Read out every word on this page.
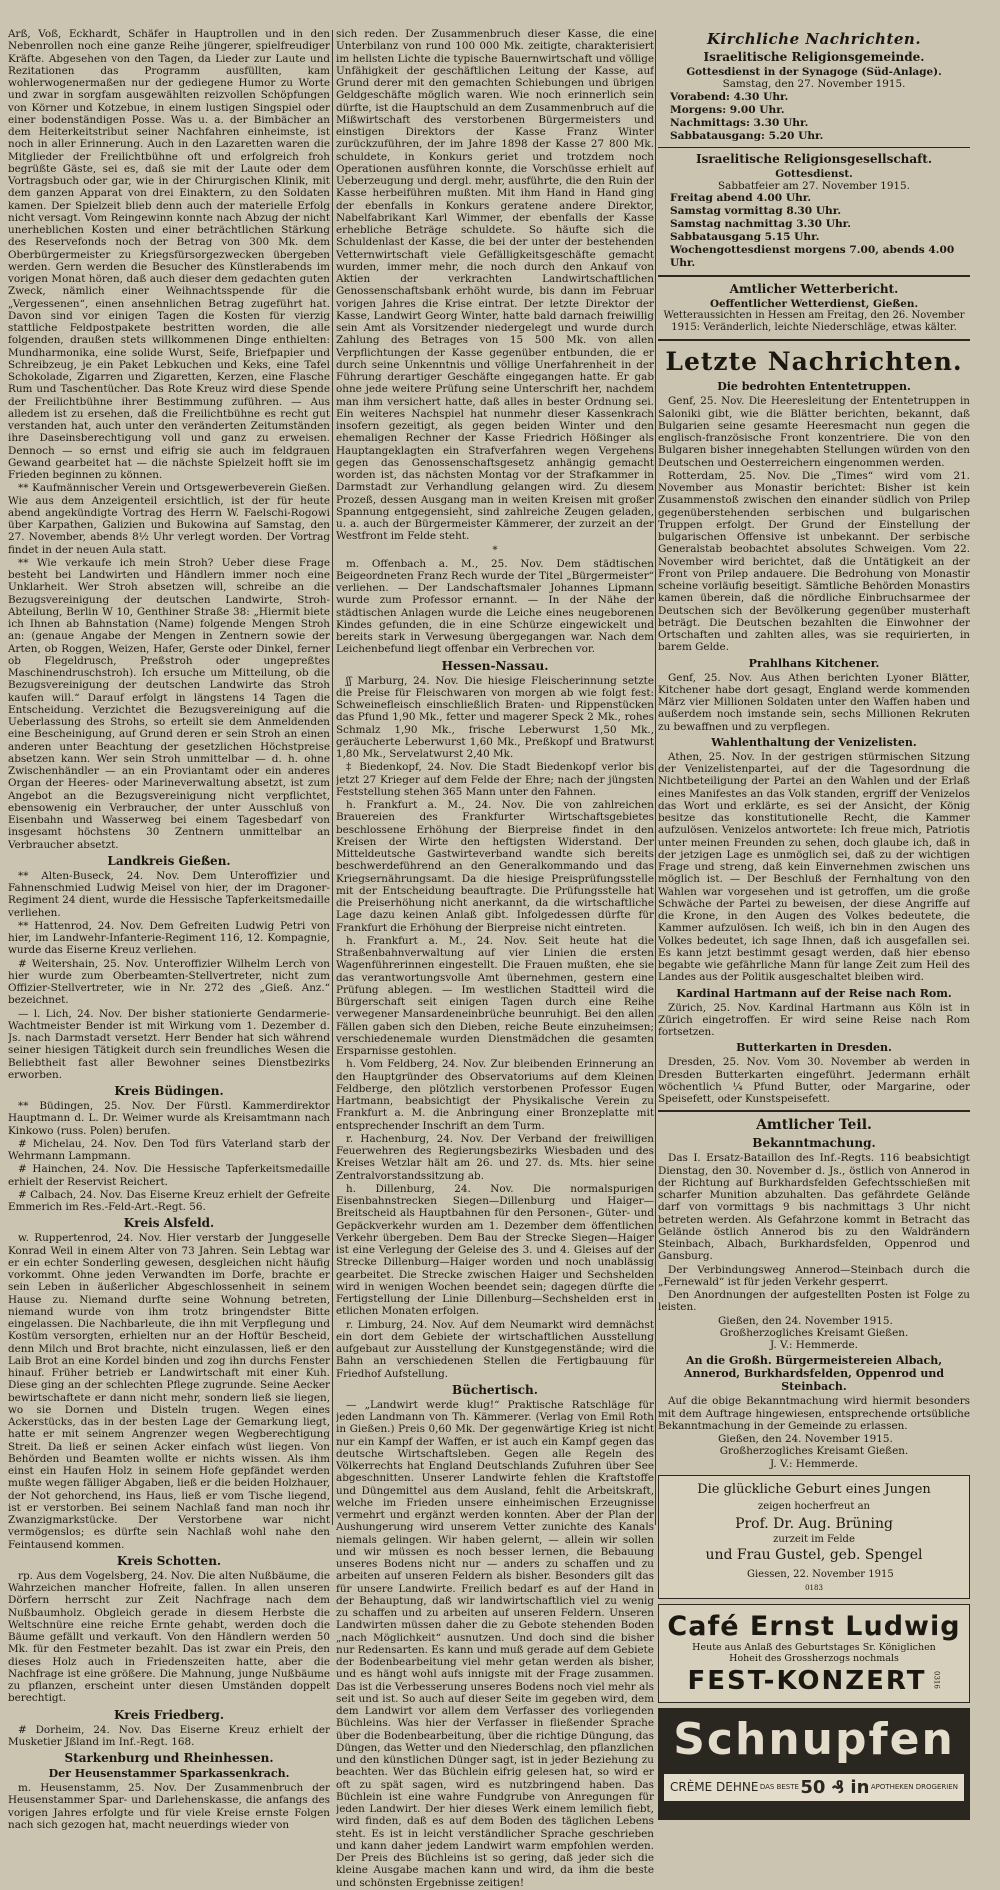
Arß, Voß, Eckhardt, Schäfer in Hauptrollen und in den Nebenrollen noch eine ganze Reihe jüngerer, spielfreudiger Kräfte. Abgesehen von den Tagen, da Lieder zur Laute und Rezitationen das Programm ausfüllten, kam wohlerwogenermaßen nur der gediegene Humor zu Worte und zwar in sorgfam ausgewählten reizvollen Schöpfungen von Körner und Kotzebue, in einem lustigen Singspiel oder einer bodenständigen Posse. Was u. a. der Bimbächer an dem Heiterkeitstribut seiner Nachfahren einheimste, ist noch in aller Erinnerung. Auch in den Lazaretten waren die Mitglieder der Freilichtbühne oft und erfolgreich froh begrüßte Gäste, sei es, daß sie mit der Laute oder dem Vortragsbuch oder gar, wie in der Chirurgischen Klinik, mit dem ganzen Apparat von drei Einaktern, zu den Soldaten kamen. Der Spielzeit blieb denn auch der materielle Erfolg nicht versagt. Vom Reingewinn konnte nach Abzug der nicht unerheblichen Kosten und einer beträchtlichen Stärkung des Reservefonds noch der Betrag von 300 Mk. dem Oberbürgermeister zu Kriegsfürsorgezwecken übergeben werden. Gern werden die Besucher des Künstlerabends im vorigen Monat hören, daß auch dieser dem gedachten guten Zweck, nämlich einer Weihnachtsspende für die „Vergessenen“, einen ansehnlichen Betrag zugeführt hat. Davon sind vor einigen Tagen die Kosten für vierzig stattliche Feldpostpakete bestritten worden, die alle folgenden, draußen stets willkommenen Dinge enthielten: Mundharmonika, eine solide Wurst, Seife, Briefpapier und Schreibzeug, je ein Paket Lebkuchen und Keks, eine Tafel Schokolade, Zigarren und Zigaretten, Kerzen, eine Flasche Rum und Taschentücher. Das Rote Kreuz wird diese Spende der Freilichtbühne ihrer Bestimmung zuführen. — Aus alledem ist zu ersehen, daß die Freilichtbühne es recht gut verstanden hat, auch unter den veränderten Zeitumständen ihre Daseinsberechtigung voll und ganz zu erweisen. Dennoch — so ernst und eifrig sie auch im feldgrauen Gewand gearbeitet hat — die nächste Spielzeit hofft sie im Frieden beginnen zu können.

** Kaufmännischer Verein und Ortsgewerbeverein Gießen. Wie aus dem Anzeigenteil ersichtlich, ist der für heute abend angekündigte Vortrag des Herrn W. Faelschi-Rogowi über Karpathen, Galizien und Bukowina auf Samstag, den 27. November, abends 8½ Uhr verlegt worden. Der Vortrag findet in der neuen Aula statt.

** Wie verkaufe ich mein Stroh? Ueber diese Frage besteht bei Landwirten und Händlern immer noch eine Unklarheit. Wer Stroh absetzen will, schreibe an die Bezugsvereinigung der deutschen Landwirte, Stroh-Abteilung, Berlin W 10, Genthiner Straße 38: „Hiermit biete ich Ihnen ab Bahnstation (Name) folgende Mengen Stroh an: (genaue Angabe der Mengen in Zentnern sowie der Arten, ob Roggen, Weizen, Hafer, Gerste oder Dinkel, ferner ob Flegeldrusch, Preßstroh oder ungepreßtes Maschinendruschstroh). Ich ersuche um Mitteilung, ob die Bezugsvereinigung der deutschen Landwirte das Stroh kaufen will.“ Darauf erfolgt in längstens 14 Tagen die Entscheidung. Verzichtet die Bezugsvereinigung auf die Ueberlassung des Strohs, so erteilt sie dem Anmeldenden eine Bescheinigung, auf Grund deren er sein Stroh an einen anderen unter Beachtung der gesetzlichen Höchstpreise absetzen kann. Wer sein Stroh unmittelbar — d. h. ohne Zwischenhändler — an ein Proviantamt oder ein anderes Organ der Heeres- oder Marineverwaltung absetzt, ist zum Angebot an die Bezugsvereinigung nicht verpflichtet, ebensowenig ein Verbraucher, der unter Ausschluß von Eisenbahn und Wasserweg bei einem Tagesbedarf von insgesamt höchstens 30 Zentnern unmittelbar an Verbraucher absetzt.

Landkreis Gießen.

** Alten-Buseck, 24. Nov. Dem Unteroffizier und Fahnenschmied Ludwig Meisel von hier, der im Dragoner-Regiment 24 dient, wurde die Hessische Tapferkeitsmedaille verliehen.

** Hattenrod, 24. Nov. Dem Gefreiten Ludwig Petri von hier, im Landwehr-Infanterie-Regiment 116, 12. Kompagnie, wurde das Eiserne Kreuz verliehen.

# Weitershain, 25. Nov. Unteroffizier Wilhelm Lerch von hier wurde zum Oberbeamten-Stellvertreter, nicht zum Offizier-Stellvertreter, wie in Nr. 272 des „Gieß. Anz.“ bezeichnet.

— l. Lich, 24. Nov. Der bisher stationierte Gendarmerie-Wachtmeister Bender ist mit Wirkung vom 1. Dezember d. Js. nach Darmstadt versetzt. Herr Bender hat sich während seiner hiesigen Tätigkeit durch sein freundliches Wesen die Beliebtheit fast aller Bewohner seines Dienstbezirks erworben.

Kreis Büdingen.

** Büdingen, 25. Nov. Der Fürstl. Kammerdirektor Hauptmann d. L. Dr. Weimer wurde als Kreisamtmann nach Kinkowo (russ. Polen) berufen.

# Michelau, 24. Nov. Den Tod fürs Vaterland starb der Wehrmann Lampmann.

# Hainchen, 24. Nov. Die Hessische Tapferkeitsmedaille erhielt der Reservist Reichert.

# Calbach, 24. Nov. Das Eiserne Kreuz erhielt der Gefreite Emmerich im Res.-Feld-Art.-Regt. 56.

Kreis Alsfeld.

w. Ruppertenrod, 24. Nov. Hier verstarb der Junggeselle Konrad Weil in einem Alter von 73 Jahren. Sein Lebtag war er ein echter Sonderling gewesen, desgleichen nicht häufig vorkommt. Ohne jeden Verwandten im Dorfe, brachte er sein Leben in äußerlicher Abgeschlossenheit in seinem Hause zu. Niemand durfte seine Wohnung betreten, niemand wurde von ihm trotz bringendster Bitte eingelassen. Die Nachbarleute, die ihn mit Verpflegung und Kostüm versorgten, erhielten nur an der Hoftür Bescheid, denn Milch und Brot brachte, nicht einzulassen, ließ er den Laib Brot an eine Kordel binden und zog ihn durchs Fenster hinauf. Früher betrieb er Landwirtschaft mit einer Kuh. Diese ging an der schlechten Pflege zugrunde. Seine Aecker bewirtschaftete er dann nicht mehr, sondern ließ sie liegen, wo sie Dornen und Disteln trugen. Wegen eines Ackerstücks, das in der besten Lage der Gemarkung liegt, hatte er mit seinem Angrenzer wegen Wegberechtigung Streit. Da ließ er seinen Acker einfach wüst liegen. Von Behörden und Beamten wollte er nichts wissen. Als ihm einst ein Haufen Holz in seinem Hofe gepfändet werden mußte wegen fälliger Abgaben, ließ er die beiden Holzhauer, der Not gehorchend, ins Haus, ließ er vom Tische liegend, ist er verstorben. Bei seinem Nachlaß fand man noch ihr Zwanzigmarkstücke. Der Verstorbene war nicht vermögenslos; es dürfte sein Nachlaß wohl nahe den Feintausend kommen.

Kreis Schotten.

rp. Aus dem Vogelsberg, 24. Nov. Die alten Nußbäume, die Wahrzeichen mancher Hofreite, fallen. In allen unseren Dörfern herrscht zur Zeit Nachfrage nach dem Nußbaumholz. Obgleich gerade in diesem Herbste die Weltschnüre eine reiche Ernte gehabt, werden doch die Bäume gefällt und verkauft. Von den Händlern werden 50 Mk. für den Festmeter bezahlt. Das ist zwar ein Preis, den dieses Holz auch in Friedenszeiten hatte, aber die Nachfrage ist eine größere. Die Mahnung, junge Nußbäume zu pflanzen, erscheint unter diesen Umständen doppelt berechtigt.

Kreis Friedberg.

# Dorheim, 24. Nov. Das Eiserne Kreuz erhielt der Musketier Jßland im Inf.-Regt. 168.

Starkenburg und Rheinhessen.
Der Heusenstammer Sparkassenkrach.

m. Heusenstamm, 25. Nov. Der Zusammenbruch der Heusenstammer Spar- und Darlehenskasse, die anfangs des vorigen Jahres erfolgte und für viele Kreise ernste Folgen nach sich gezogen hat, macht neuerdings wieder von

sich reden. Der Zusammenbruch dieser Kasse, die eine Unterbilanz von rund 100 000 Mk. zeitigte, charakterisiert im hellsten Lichte die typische Bauernwirtschaft und völlige Unfähigkeit der geschäftlichen Leitung der Kasse, auf Grund derer mit den gemachten Schiebungen und übrigen Geldgeschäfte möglich waren. Wie noch erinnerlich sein dürfte, ist die Hauptschuld an dem Zusammenbruch auf die Mißwirtschaft des verstorbenen Bürgermeisters und einstigen Direktors der Kasse Franz Winter zurückzuführen, der im Jahre 1898 der Kasse 27 800 Mk. schuldete, in Konkurs geriet und trotzdem noch Operationen ausführen konnte, die Vorschüsse erhielt auf Ueberzeugung und dergl. mehr, ausführte, die den Ruin der Kasse herbeiführen mußten. Mit ihm Hand in Hand ging der ebenfalls in Konkurs geratene andere Direktor, Nabelfabrikant Karl Wimmer, der ebenfalls der Kasse erhebliche Beträge schuldete. So häufte sich die Schuldenlast der Kasse, die bei der unter der bestehenden Vetternwirtschaft viele Gefälligkeitsgeschäfte gemacht wurden, immer mehr, die noch durch den Ankauf von Aktien der verkrachten Landwirtschaftlichen Genossenschaftsbank erhöht wurde, bis dann im Februar vorigen Jahres die Krise eintrat. Der letzte Direktor der Kasse, Landwirt Georg Winter, hatte bald darnach freiwillig sein Amt als Vorsitzender niedergelegt und wurde durch Zahlung des Betrages von 15 500 Mk. von allen Verpflichtungen der Kasse gegenüber entbunden, die er durch seine Unkenntnis und völlige Unerfahrenheit in der Führung derartiger Geschäfte eingegangen hatte. Er gab ohne jede weitere Prüfung seine Unterschrift her, nachdem man ihm versichert hatte, daß alles in bester Ordnung sei. Ein weiteres Nachspiel hat nunmehr dieser Kassenkrach insofern gezeitigt, als gegen beiden Winter und den ehemaligen Rechner der Kasse Friedrich Hößinger als Hauptangeklagten ein Strafverfahren wegen Vergehens gegen das Genossenschaftsgesetz anhängig gemacht worden ist, das nächsten Montag vor der Strafkammer in Darmstadt zur Verhandlung gelangen wird. Zu diesem Prozeß, dessen Ausgang man in weiten Kreisen mit großer Spannung entgegensieht, sind zahlreiche Zeugen geladen, u. a. auch der Bürgermeister Kämmerer, der zurzeit an der Westfront im Felde steht.

*

m. Offenbach a. M., 25. Nov. Dem städtischen Beigeordneten Franz Rech wurde der Titel „Bürgermeister“ verliehen. — Der Landschaftsmaler Johannes Lipmann wurde zum Professor ernannt. — In der Nähe der städtischen Anlagen wurde die Leiche eines neugeborenen Kindes gefunden, die in eine Schürze eingewickelt und bereits stark in Verwesung übergegangen war. Nach dem Leichenbefund liegt offenbar ein Verbrechen vor.

Hessen-Nassau.

ʃʃ Marburg, 24. Nov. Die hiesige Fleischerinnung setzte die Preise für Fleischwaren von morgen ab wie folgt fest: Schweinefleisch einschließlich Braten- und Rippenstücken das Pfund 1,90 Mk., fetter und magerer Speck 2 Mk., rohes Schmalz 1,90 Mk., frische Leberwurst 1,50 Mk., geräucherte Leberwurst 1,60 Mk., Preßkopf und Bratwurst 1,80 Mk., Servelatwurst 2,40 Mk.

‡ Biedenkopf, 24. Nov. Die Stadt Biedenkopf verlor bis jetzt 27 Krieger auf dem Felde der Ehre; nach der jüngsten Feststellung stehen 365 Mann unter den Fahnen.

h. Frankfurt a. M., 24. Nov. Die von zahlreichen Brauereien des Frankfurter Wirtschaftsgebietes beschlossene Erhöhung der Bierpreise findet in den Kreisen der Wirte den heftigsten Widerstand. Der Mitteldeutsche Gastwirteverband wandte sich bereits beschwerdeführend an den Generalkommando und das Kriegsernährungsamt. Da die hiesige Preisprüfungsstelle mit der Entscheidung beauftragte. Die Prüfungsstelle hat die Preiserhöhung nicht anerkannt, da die wirtschaftliche Lage dazu keinen Anlaß gibt. Infolgedessen dürfte für Frankfurt die Erhöhung der Bierpreise nicht eintreten.

h. Frankfurt a. M., 24. Nov. Seit heute hat die Straßenbahnverwaltung auf vier Linien die ersten Wagenführerinnen eingestellt. Die Frauen mußten, ehe sie das verantwortungsvolle Amt übernehmen, gestern eine Prüfung ablegen. — Im westlichen Stadtteil wird die Bürgerschaft seit einigen Tagen durch eine Reihe verwegener Mansardeneinbrüche beunruhigt. Bei den allen Fällen gaben sich den Dieben, reiche Beute einzuheimsen; verschiedenemale wurden Dienstmädchen die gesamten Ersparnisse gestohlen.

h. Vom Feldberg, 24. Nov. Zur bleibenden Erinnerung an den Hauptgründer des Observatoriums auf dem Kleinen Feldberge, den plötzlich verstorbenen Professor Eugen Hartmann, beabsichtigt der Physikalische Verein zu Frankfurt a. M. die Anbringung einer Bronzeplatte mit entsprechender Inschrift an dem Turm.

r. Hachenburg, 24. Nov. Der Verband der freiwilligen Feuerwehren des Regierungsbezirks Wiesbaden und des Kreises Wetzlar hält am 26. und 27. ds. Mts. hier seine Zentralvorstandssitzung ab.

h. Dillenburg, 24. Nov. Die normalspurigen Eisenbahnstrecken Siegen—Dillenburg und Haiger—Breitscheid als Hauptbahnen für den Personen-, Güter- und Gepäckverkehr wurden am 1. Dezember dem öffentlichen Verkehr übergeben. Dem Bau der Strecke Siegen—Haiger ist eine Verlegung der Geleise des 3. und 4. Gleises auf der Strecke Dillenburg—Haiger worden und noch unablässig gearbeitet. Die Strecke zwischen Haiger und Sechshelden wird in wenigen Wochen beendet sein; dagegen dürfte die Fertigstellung der Linie Dillenburg—Sechshelden erst in etlichen Monaten erfolgen.

r. Limburg, 24. Nov. Auf dem Neumarkt wird demnächst ein dort dem Gebiete der wirtschaftlichen Ausstellung aufgebaut zur Ausstellung der Kunstgegenstände; wird die Bahn an verschiedenen Stellen die Fertigbauung für Friedhof Aufstellung.

Büchertisch.

— „Landwirt werde klug!“ Praktische Ratschläge für jeden Landmann von Th. Kämmerer. (Verlag von Emil Roth in Gießen.) Preis 0,60 Mk. Der gegenwärtige Krieg ist nicht nur ein Kampf der Waffen, er ist auch ein Kampf gegen das deutsche Wirtschaftsleben. Gegen alle Regeln des Völkerrechts hat England Deutschlands Zufuhren über See abgeschnitten. Unserer Landwirte fehlen die Kraftstoffe und Düngemittel aus dem Ausland, fehlt die Arbeitskraft, welche im Frieden unsere einheimischen Erzeugnisse vermehrt und ergänzt werden konnten. Aber der Plan der Aushungerung wird unserem Vetter zunichte des Kanals niemals gelingen. Wir haben gelernt, — allein wir sollen und wir müssen es noch besser lernen, die Bebauung unseres Bodens nicht nur — anders zu schaffen und zu arbeiten auf unseren Feldern als bisher. Besonders gilt das für unsere Landwirte. Freilich bedarf es auf der Hand in der Behauptung, daß wir landwirtschaftlich viel zu wenig zu schaffen und zu arbeiten auf unseren Feldern. Unseren Landwirten müssen daher die zu Gebote stehenden Boden „nach Möglichkeit“ ausnutzen. Und doch sind die bisher nur Redensarten. Es kann und muß gerade auf dem Gebiete der Bodenbearbeitung viel mehr getan werden als bisher, und es hängt wohl aufs innigste mit der Frage zusammen. Das ist die Verbesserung unseres Bodens noch viel mehr als seit und ist. So auch auf dieser Seite im gegeben wird, dem dem Landwirt vor allem dem Verfasser des vorliegenden Büchleins. Was hier der Verfasser in fließender Sprache über die Bodenbearbeitung, über die richtige Düngung, das Düngen, das Wetter und den Niederschlag, den pflanzlichen und den künstlichen Dünger sagt, ist in jeder Beziehung zu beachten. Wer das Büchlein eifrig gelesen hat, so wird er oft zu spät sagen, wird es nutzbringend haben. Das Büchlein ist eine wahre Fundgrube von Anregungen für jeden Landwirt. Der hier dieses Werk einem lemilich fiebt, wird finden, daß es auf dem Boden des täglichen Lebens steht. Es ist in leicht verständlicher Sprache geschrieben und kann daher jedem Landwirt warm empfohlen werden. Der Preis des Büchleins ist so gering, daß jeder sich die kleine Ausgabe machen kann und wird, da ihm die beste und schönsten Ergebnisse zeitigen!

Kirchliche Nachrichten.
Israelitische Religionsgemeinde.
Gottesdienst in der Synagoge (Süd-Anlage).
Samstag, den 27. November 1915.
Vorabend: 4.30 Uhr.
Morgens: 9.00 Uhr.
Nachmittags: 3.30 Uhr.
Sabbatausgang: 5.20 Uhr.
Israelitische Religionsgesellschaft.
Gottesdienst.
Sabbatfeier am 27. November 1915.
Freitag abend 4.00 Uhr.
Samstag vormittag 8.30 Uhr.
Samstag nachmittag 3.30 Uhr.
Sabbatausgang 5.15 Uhr.
Wochengottesdienst morgens 7.00, abends 4.00 Uhr.
Amtlicher Wetterbericht.
Oeffentlicher Wetterdienst, Gießen.
Wetteraussichten in Hessen am Freitag, den 26. November 1915: Veränderlich, leichte Niederschläge, etwas kälter.
Letzte Nachrichten.
Die bedrohten Ententetruppen.

Genf, 25. Nov. Die Heeresleitung der Ententetruppen in Saloniki gibt, wie die Blätter berichten, bekannt, daß Bulgarien seine gesamte Heeresmacht nun gegen die englisch-französische Front konzentriere. Die von den Bulgaren bisher innegehabten Stellungen würden von den Deutschen und Oesterreichern eingenommen werden.

Rotterdam, 25. Nov. Die „Times“ wird vom 21. November aus Monastir berichtet: Bisher ist kein Zusammenstoß zwischen den einander südlich von Prilep gegenüberstehenden serbischen und bulgarischen Truppen erfolgt. Der Grund der Einstellung der bulgarischen Offensive ist unbekannt. Der serbische Generalstab beobachtet absolutes Schweigen. Vom 22. November wird berichtet, daß die Untätigkeit an der Front von Prilep andauere. Die Bedrohung von Monastir scheine vorläufig beseitigt. Sämtliche Behörden Monastirs kamen überein, daß die nördliche Einbruchsarmee der Deutschen sich der Bevölkerung gegenüber musterhaft beträgt. Die Deutschen bezahlten die Einwohner der Ortschaften und zahlten alles, was sie requirierten, in barem Gelde.

Prahlhans Kitchener.

Genf, 25. Nov. Aus Athen berichten Lyoner Blätter, Kitchener habe dort gesagt, England werde kommenden März vier Millionen Soldaten unter den Waffen haben und außerdem noch imstande sein, sechs Millionen Rekruten zu bewaffnen und zu verpflegen.

Wahlenthaltung der Venizelisten.

Athen, 25. Nov. In der gestrigen stürmischen Sitzung der Venizelistenpartei, auf der die Tagesordnung die Nichtbeteiligung der Partei an den Wahlen und der Erlaß eines Manifestes an das Volk standen, ergriff der Venizelos das Wort und erklärte, es sei der Ansicht, der König besitze das konstitutionelle Recht, die Kammer aufzulösen. Venizelos antwortete: Ich freue mich, Patriotis unter meinen Freunden zu sehen, doch glaube ich, daß in der jetzigen Lage es unmöglich sei, daß zu der wichtigen Frage und streng, daß kein Einvernehmen zwischen uns möglich ist. — Der Beschluß der Fernhaltung von den Wahlen war vorgesehen und ist getroffen, um die große Schwäche der Partei zu beweisen, der diese Angriffe auf die Krone, in den Augen des Volkes bedeutete, die Kammer aufzulösen. Ich weiß, ich bin in den Augen des Volkes bedeutet, ich sage Ihnen, daß ich ausgefallen sei. Es kann jetzt bestimmt gesagt werden, daß hier ebenso begabte wie gefährliche Mann für lange Zeit zum Heil des Landes aus der Politik ausgeschaltet bleiben wird.

Kardinal Hartmann auf der Reise nach Rom.

Zürich, 25. Nov. Kardinal Hartmann aus Köln ist in Zürich eingetroffen. Er wird seine Reise nach Rom fortsetzen.

Butterkarten in Dresden.

Dresden, 25. Nov. Vom 30. November ab werden in Dresden Butterkarten eingeführt. Jedermann erhält wöchentlich ¼ Pfund Butter, oder Margarine, oder Speisefett, oder Kunstspeisefett.

Amtlicher Teil.
Bekanntmachung.

Das I. Ersatz-Bataillon des Inf.-Regts. 116 beabsichtigt Dienstag, den 30. November d. Js., östlich von Annerod in der Richtung auf Burkhardsfelden Gefechtsschießen mit scharfer Munition abzuhalten. Das gefährdete Gelände darf von vormittags 9 bis nachmittags 3 Uhr nicht betreten werden. Als Gefahrzone kommt in Betracht das Gelände östlich Annerod bis zu den Waldrändern Steinbach, Albach, Burkhardsfelden, Oppenrod und Gansburg.

Der Verbindungsweg Annerod—Steinbach durch die „Fernewald“ ist für jeden Verkehr gesperrt.

Den Anordnungen der aufgestellten Posten ist Folge zu leisten.

Gießen, den 24. November 1915.
Großherzogliches Kreisamt Gießen.
J. V.: Hemmerde.
An die Großh. Bürgermeistereien Albach, Annerod, Burkhardsfelden, Oppenrod und Steinbach.

Auf die obige Bekanntmachung wird hiermit besonders mit dem Auftrage hingewiesen, entsprechende ortsübliche Bekanntmachung in der Gemeinde zu erlassen.

Gießen, den 24. November 1915.
Großherzogliches Kreisamt Gießen.
J. V.: Hemmerde.
Die glückliche Geburt eines Jungen
zeigen hocherfreut an
Prof. Dr. Aug. Brüning
zurzeit im Felde
und Frau Gustel, geb. Spengel
Giessen, 22. November 1915
0183
Café Ernst Ludwig
Heute aus Anlaß des Geburtstages Sr. Königlichen
Hoheit des Grossherzogs nochmals
FEST-KONZERT 0316
Schnupfen
CRÈME DEHNE DAS BESTE 50 ₰ in APOTHEKEN DROGERIEN
